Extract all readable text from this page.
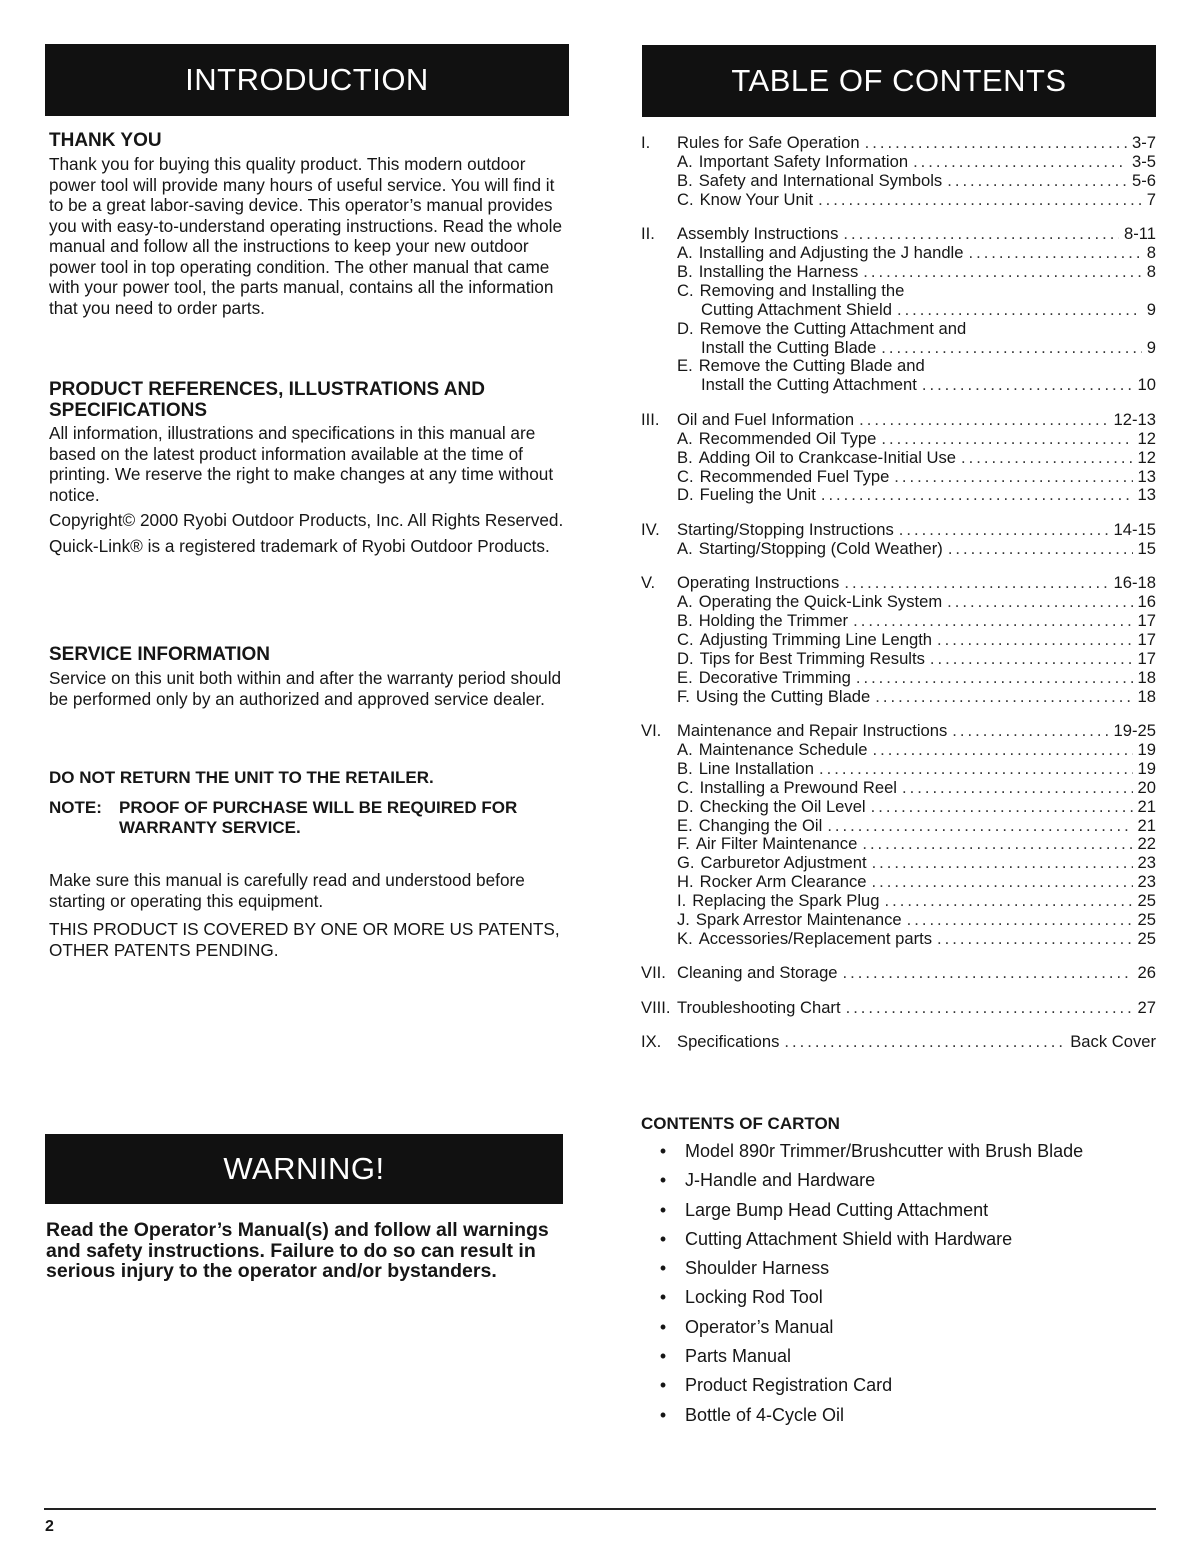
INTRODUCTION	TABLE OF CONTENTS
THANK YOU

Thank you for buying this quality product. This modern outdoor power tool will provide many hours of useful service. You will find it to be a great labor-saving device. This operator’s manual provides you with easy-to-understand operating instructions. Read the whole manual and follow all the instructions to keep your new outdoor power tool in top operating condition. The other manual that came with your power tool, the parts manual, contains all the information that you need to order parts.

PRODUCT REFERENCES, ILLUSTRATIONS AND SPECIFICATIONS

All information, illustrations and specifications in this manual are based on the latest product information available at the time of printing. We reserve the right to make changes at any time without notice.

Copyright© 2000 Ryobi Outdoor Products, Inc. All Rights Reserved.

Quick-Link® is a registered trademark of Ryobi Outdoor Products.

SERVICE INFORMATION

Service on this unit both within and after the warranty period should be performed only by an authorized and approved service dealer.

DO NOT RETURN THE UNIT TO THE RETAILER.
NOTE:	PROOF OF PURCHASE WILL BE REQUIRED FOR WARRANTY SERVICE.

Make sure this manual is carefully read and understood before starting or operating this equipment.

THIS PRODUCT IS COVERED BY ONE OR MORE US PATENTS, OTHER PATENTS PENDING.

WARNING!
Read the Operator’s Manual(s) and follow all warnings and safety instructions. Failure to do so can result in serious injury to the operator and/or bystanders.
I.	Rules for Safe Operation .....	3-7
A. Important Safety Information .....	3-5
B. Safety and International Symbols .....	5-6
C. Know Your Unit .....	7
II.	Assembly Instructions .....	8-11
A. Installing and Adjusting the J handle .....	8
B. Installing the Harness .....	8
C. Removing and Installing the
Cutting Attachment Shield .....	9
D. Remove the Cutting Attachment and
Install the Cutting Blade .....	9
E. Remove the Cutting Blade and
Install the Cutting Attachment .....	10
III.	Oil and Fuel Information .....	12-13
A. Recommended Oil Type .....	12
B. Adding Oil to Crankcase-Initial Use .....	12
C. Recommended Fuel Type .....	13
D. Fueling the Unit .....	13
IV.	Starting/Stopping Instructions .....	14-15
A. Starting/Stopping (Cold Weather) .....	15
V.	Operating Instructions .....	16-18
A. Operating the Quick-Link System .....	16
B. Holding the Trimmer .....	17
C. Adjusting Trimming Line Length .....	17
D. Tips for Best Trimming Results .....	17
E. Decorative Trimming .....	18
F. Using the Cutting Blade .....	18
VI. Maintenance and Repair Instructions .....	19-25
A. Maintenance Schedule .....	19
B. Line Installation .....	19
C. Installing a Prewound Reel .....	20
D. Checking the Oil Level .....	21
E. Changing the Oil .....	21
F. Air Filter Maintenance .....	22
G. Carburetor Adjustment .....	23
H. Rocker Arm Clearance .....	23
I. Replacing the Spark Plug .....	25
J. Spark Arrestor Maintenance .....	25
K. Accessories/Replacement parts .....	25
VII. Cleaning and Storage .....	26
VIII. Troubleshooting Chart .....	27
IX. Specifications .....	Back Cover
CONTENTS OF CARTON
•	Model 890r Trimmer/Brushcutter with Brush Blade
•	J-Handle and Hardware
•	Large Bump Head Cutting Attachment
•	Cutting Attachment Shield with Hardware
•	Shoulder Harness
•	Locking Rod Tool
•	Operator’s Manual
•	Parts Manual
•	Product Registration Card
•	Bottle of 4-Cycle Oil
2
